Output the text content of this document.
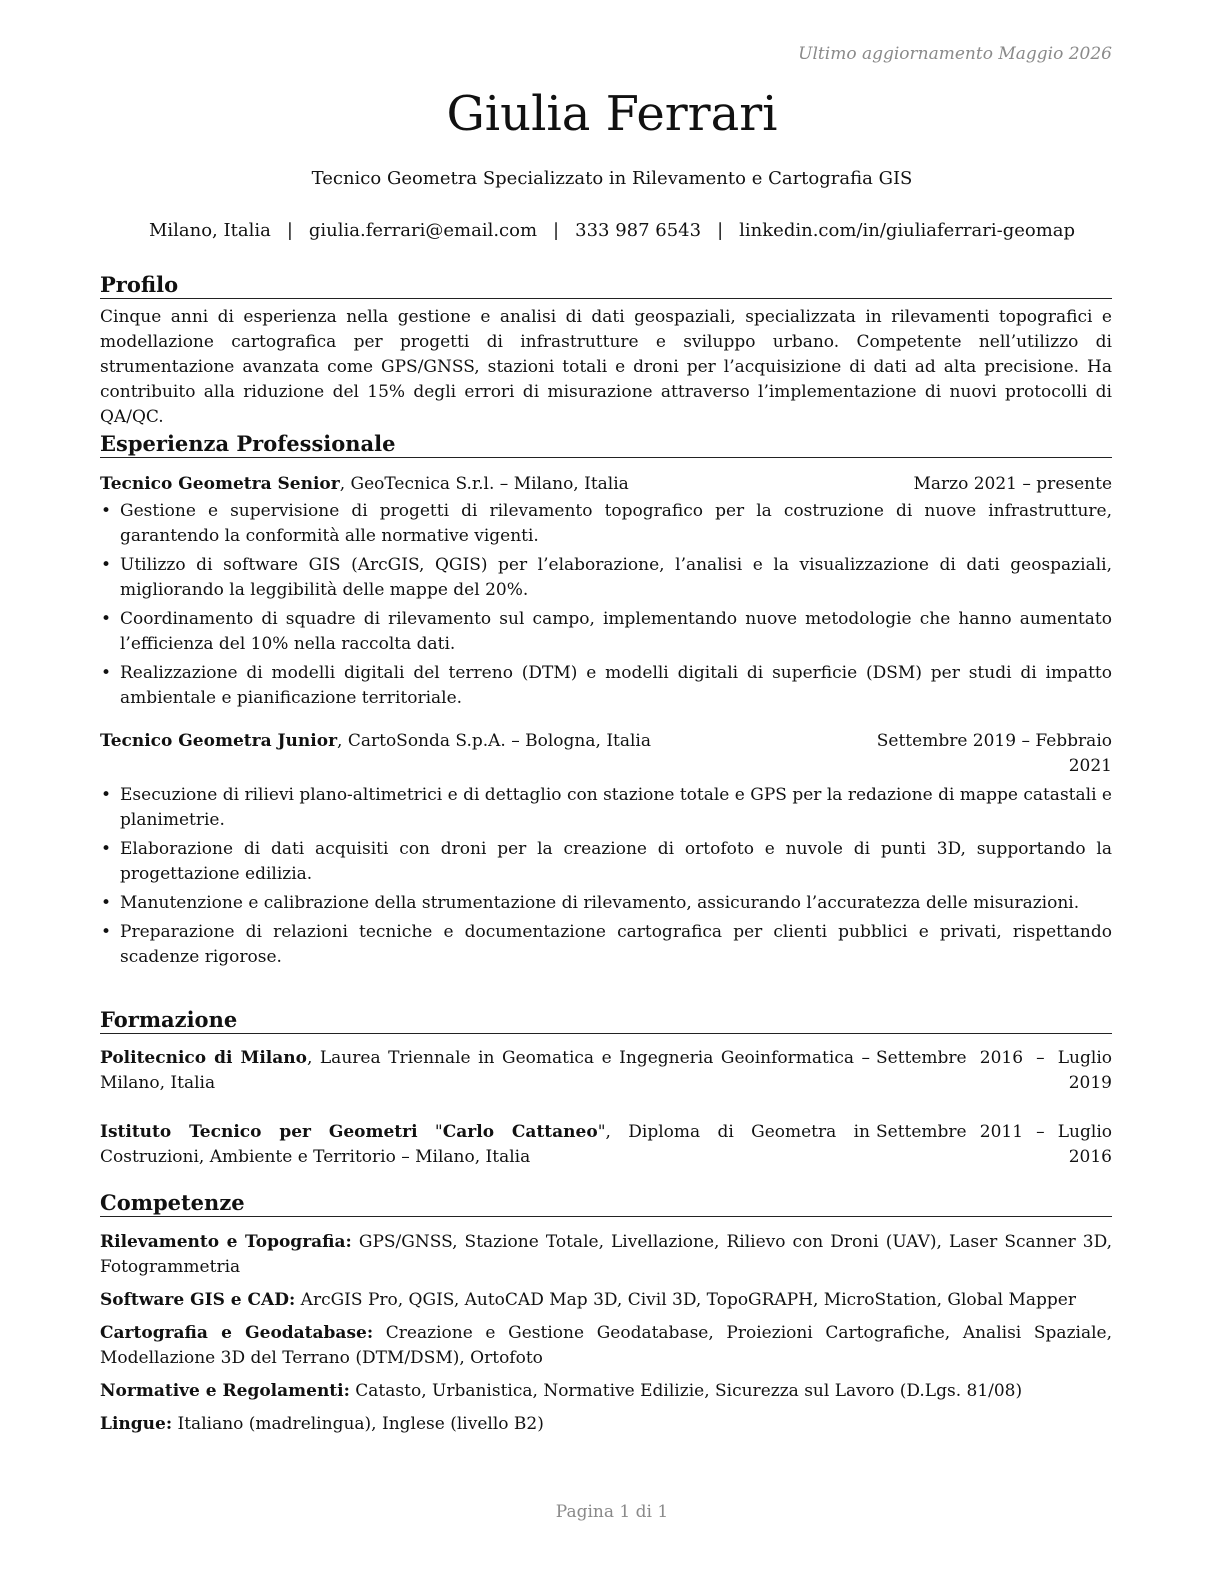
Ultimo aggiornamento Maggio 2026
Giulia Ferrari
Tecnico Geometra Specializzato in Rilevamento e Cartografia GIS
Milano, Italia | giulia.ferrari@email.com | 333 987 6543 | linkedin.com/in/giuliaferrari-geomap
Profilo

Cinque anni di esperienza nella gestione e analisi di dati geospaziali, specializzata in rilevamenti topografici e modellazione cartografica per progetti di infrastrutture e sviluppo urbano. Competente nell’utilizzo di strumentazione avanzata come GPS/GNSS, stazioni totali e droni per l’acquisizione di dati ad alta precisione. Ha contribuito alla riduzione del 15% degli errori di misurazione attraverso l’implementazione di nuovi protocolli di QA/QC.

Esperienza Professionale
Tecnico Geometra Senior, GeoTecnica S.r.l. – Milano, Italia	Marzo 2021 – presente
• Gestione e supervisione di progetti di rilevamento topografico per la costruzione di nuove infrastrutture, garantendo la conformità alle normative vigenti.
• Utilizzo di software GIS (ArcGIS, QGIS) per l’elaborazione, l’analisi e la visualizzazione di dati geospaziali, migliorando la leggibilità delle mappe del 20%.
• Coordinamento di squadre di rilevamento sul campo, implementando nuove metodologie che hanno aumentato l’efficienza del 10% nella raccolta dati.
• Realizzazione di modelli digitali del terreno (DTM) e modelli digitali di superficie (DSM) per studi di impatto ambientale e pianificazione territoriale.
Tecnico Geometra Junior, CartoSonda S.p.A. – Bologna, Italia	Settembre 2019 – Febbraio 2021
• Esecuzione di rilievi plano-altimetrici e di dettaglio con stazione totale e GPS per la redazione di mappe catastali e planimetrie.
• Elaborazione di dati acquisiti con droni per la creazione di ortofoto e nuvole di punti 3D, supportando la progettazione edilizia.
• Manutenzione e calibrazione della strumentazione di rilevamento, assicurando l’accuratezza delle misurazioni.
• Preparazione di relazioni tecniche e documentazione cartografica per clienti pubblici e privati, rispettando scadenze rigorose.
Formazione

Politecnico di Milano, Laurea Triennale in Geomatica e Ingegneria Geoinformatica – Milano, Italia

Settembre 2016 – Luglio 2019

Istituto Tecnico per Geometri "Carlo Cattaneo", Diploma di Geometra in Costruzioni, Ambiente e Territorio – Milano, Italia

Settembre 2011 – Luglio 2016

Competenze

Rilevamento e Topografia: GPS/GNSS, Stazione Totale, Livellazione, Rilievo con Droni (UAV), Laser Scanner 3D, Fotogrammetria

Software GIS e CAD: ArcGIS Pro, QGIS, AutoCAD Map 3D, Civil 3D, TopoGRAPH, MicroStation, Global Mapper

Cartografia e Geodatabase: Creazione e Gestione Geodatabase, Proiezioni Cartografiche, Analisi Spaziale, Modellazione 3D del Terrano (DTM/DSM), Ortofoto

Normative e Regolamenti: Catasto, Urbanistica, Normative Edilizie, Sicurezza sul Lavoro (D.Lgs. 81/08)

Lingue: Italiano (madrelingua), Inglese (livello B2)

Pagina 1 di 1
